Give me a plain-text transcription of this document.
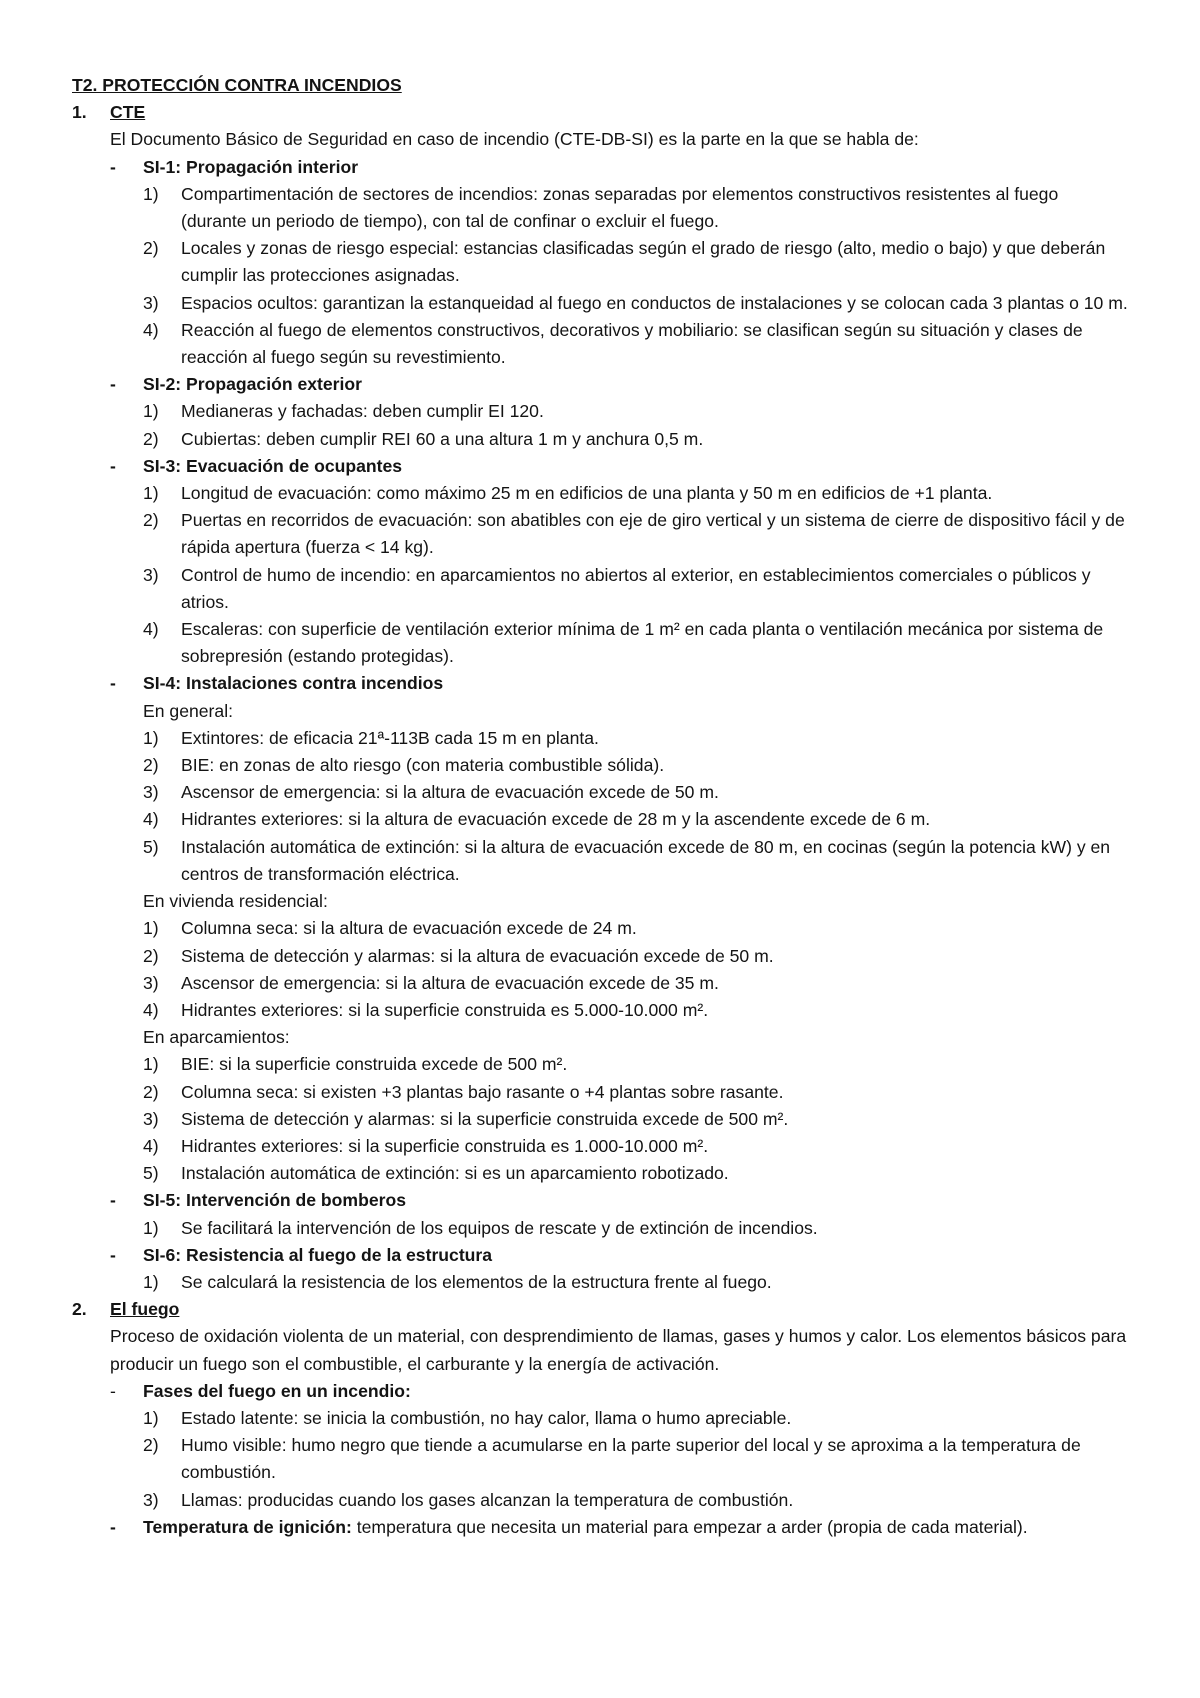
T2. PROTECCIÓN CONTRA INCENDIOS
1.	CTE
El Documento Básico de Seguridad en caso de incendio (CTE-DB-SI) es la parte en la que se habla de:
-	SI-1: Propagación interior
1)	Compartimentación de sectores de incendios: zonas separadas por elementos constructivos resistentes al fuego (durante un periodo de tiempo), con tal de confinar o excluir el fuego.
2)	Locales y zonas de riesgo especial: estancias clasificadas según el grado de riesgo (alto, medio o bajo) y que deberán cumplir las protecciones asignadas.
3)	Espacios ocultos: garantizan la estanqueidad al fuego en conductos de instalaciones y se colocan cada 3 plantas o 10 m.
4)	Reacción al fuego de elementos constructivos, decorativos y mobiliario: se clasifican según su situación y clases de reacción al fuego según su revestimiento.
-	SI-2: Propagación exterior
1)	Medianeras y fachadas: deben cumplir EI 120.
2)	Cubiertas: deben cumplir REI 60 a una altura 1 m y anchura 0,5 m.
-	SI-3: Evacuación de ocupantes
1)	Longitud de evacuación: como máximo 25 m en edificios de una planta y 50 m en edificios de +1 planta.
2)	Puertas en recorridos de evacuación: son abatibles con eje de giro vertical y un sistema de cierre de dispositivo fácil y de rápida apertura (fuerza < 14 kg).
3)	Control de humo de incendio: en aparcamientos no abiertos al exterior, en establecimientos comerciales o públicos y atrios.
4)	Escaleras: con superficie de ventilación exterior mínima de 1 m² en cada planta o ventilación mecánica por sistema de sobrepresión (estando protegidas).
-	SI-4: Instalaciones contra incendios
En general:
1)	Extintores: de eficacia 21ª-113B cada 15 m en planta.
2)	BIE: en zonas de alto riesgo (con materia combustible sólida).
3)	Ascensor de emergencia: si la altura de evacuación excede de 50 m.
4)	Hidrantes exteriores: si la altura de evacuación excede de 28 m y la ascendente excede de 6 m.
5)	Instalación automática de extinción: si la altura de evacuación excede de 80 m, en cocinas (según la potencia kW) y en centros de transformación eléctrica.
En vivienda residencial:
1)	Columna seca: si la altura de evacuación excede de 24 m.
2)	Sistema de detección y alarmas: si la altura de evacuación excede de 50 m.
3)	Ascensor de emergencia: si la altura de evacuación excede de 35 m.
4)	Hidrantes exteriores: si la superficie construida es 5.000-10.000 m².
En aparcamientos:
1)	BIE: si la superficie construida excede de 500 m².
2)	Columna seca: si existen +3 plantas bajo rasante o +4 plantas sobre rasante.
3)	Sistema de detección y alarmas: si la superficie construida excede de 500 m².
4)	Hidrantes exteriores: si la superficie construida es 1.000-10.000 m².
5)	Instalación automática de extinción: si es un aparcamiento robotizado.
-	SI-5: Intervención de bomberos
1)	Se facilitará la intervención de los equipos de rescate y de extinción de incendios.
-	SI-6: Resistencia al fuego de la estructura
1)	Se calculará la resistencia de los elementos de la estructura frente al fuego.
2.	El fuego
Proceso de oxidación violenta de un material, con desprendimiento de llamas, gases y humos y calor. Los elementos básicos para producir un fuego son el combustible, el carburante y la energía de activación.
-	Fases del fuego en un incendio:
1)	Estado latente: se inicia la combustión, no hay calor, llama o humo apreciable.
2)	Humo visible: humo negro que tiende a acumularse en la parte superior del local y se aproxima a la temperatura de combustión.
3)	Llamas: producidas cuando los gases alcanzan la temperatura de combustión.
-	Temperatura de ignición: temperatura que necesita un material para empezar a arder (propia de cada material).
